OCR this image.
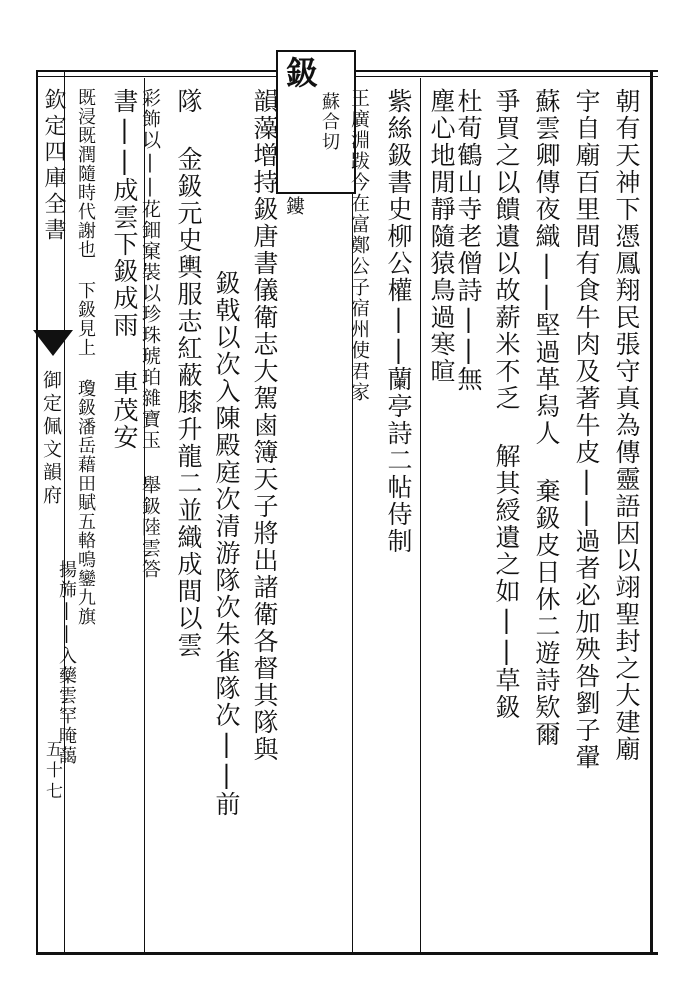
欽定四庫全書
御定佩文韻府
五十七
鈒
蘇合切
鏤	朝有天神下憑鳳翔民張守真為傳靈語因以翊聖封之大建廟
宇自廟百里間有食牛肉及著牛皮||過者必加殃咎劉子翬
蘇雲卿傳夜織||堅過革舄人 棄鈒皮日休二遊詩欵爾
爭買之以饋遺以故薪米不乏 解其綬遺之如||草鈒
杜荀鶴山寺老僧詩||無
塵心地閒靜隨猿鳥過寒暄
紫絲鈒書史柳公權||蘭亭詩二帖侍制
王廣淵跋今在富鄭公子宿州使君家
韻藻增持鈒唐書儀衛志大駕鹵簿天子將出諸衛各督其隊與
鈒戟以次入陳殿庭次清游隊次朱雀隊次||前
隊 金鈒元史輿服志紅蔽膝升龍二並織成間以雲
彩飾以||花鈿窠裝以珍珠琥珀雜寶玉 舉鈒陸雲答
書||成雲下鈒成雨 車茂安
既浸既潤隨時代謝也 下鈒見上 瓊鈒潘岳藉田賦五輅鳴鑾九旗
揚旆||入藥雲罕晻藹
